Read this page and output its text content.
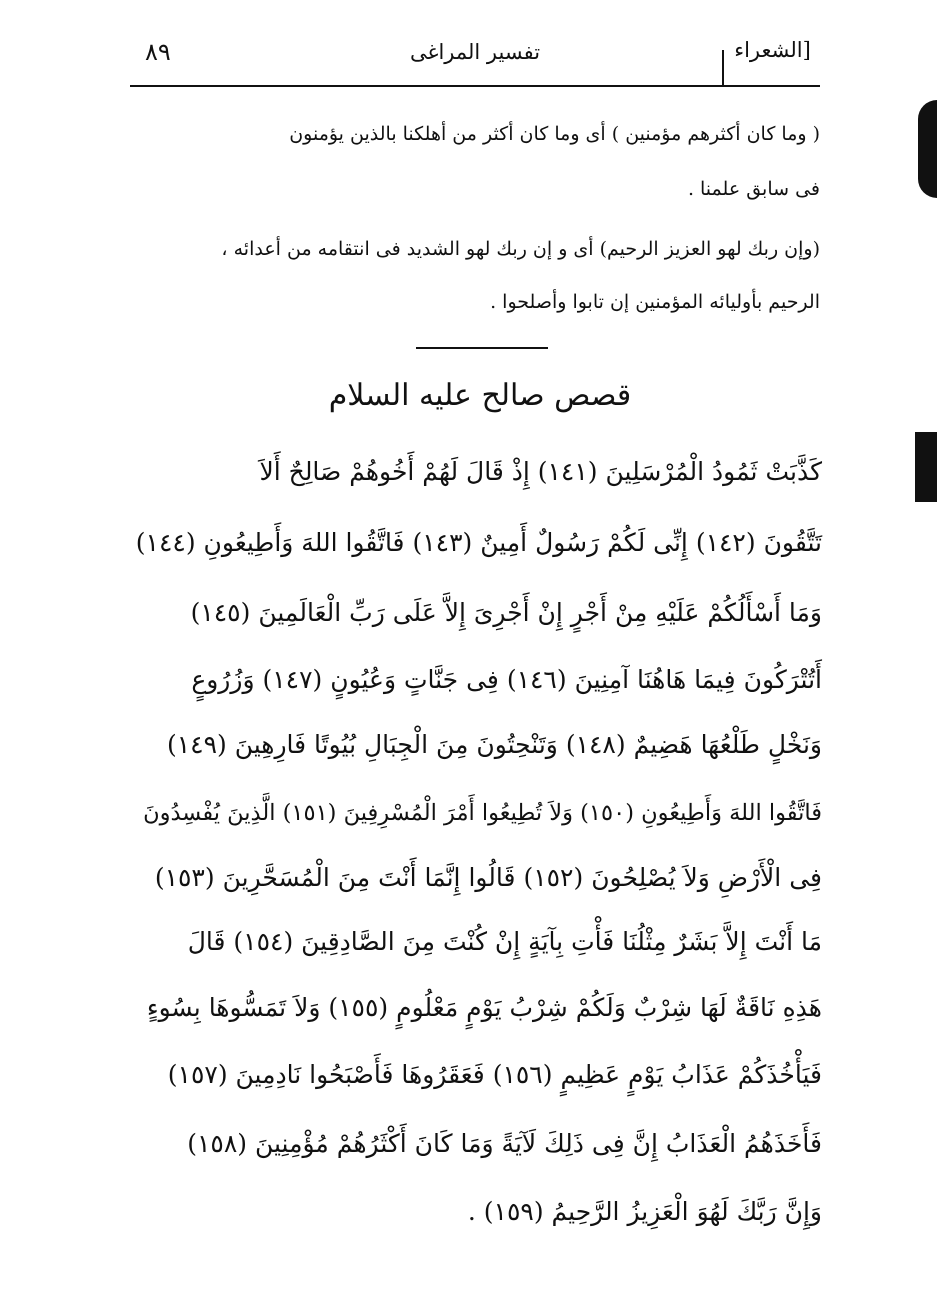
[الشعراء
تفسير المراغى
٨٩
( وما كان أكثرهم مؤمنين ) أى وما كان أكثر من أهلكنا بالذين يؤمنون
فى سابق علمنا .
(وإن ربك لهو العزيز الرحيم) أى و إن ربك لهو الشديد فى انتقامه من أعدائه ،
الرحيم بأوليائه المؤمنين إن تابوا وأصلحوا .
قصص صالح عليه السلام
كَذَّبَتْ ثَمُودُ الْمُرْسَلِينَ (١٤١) إِذْ قَالَ لَهُمْ أَخُوهُمْ صَالِحٌ أَلاَ
تَتَّقُونَ (١٤٢) إِنِّى لَكُمْ رَسُولٌ أَمِينٌ (١٤٣) فَاتَّقُوا اللهَ وَأَطِيعُونِ (١٤٤)
وَمَا أَسْأَلُكُمْ عَلَيْهِ مِنْ أَجْرٍ إِنْ أَجْرِىَ إِلاَّ عَلَى رَبِّ الْعَالَمِينَ (١٤٥)
أَتُتْرَكُونَ فِيمَا هَاهُنَا آمِنِينَ (١٤٦) فِى جَنَّاتٍ وَعُيُونٍ (١٤٧) وَزُرُوعٍ
وَنَخْلٍ طَلْعُهَا هَضِيمٌ (١٤٨) وَتَنْحِتُونَ مِنَ الْجِبَالِ بُيُوتًا فَارِهِينَ (١٤٩)
فَاتَّقُوا اللهَ وَأَطِيعُونِ (١٥٠) وَلاَ تُطِيعُوا أَمْرَ الْمُسْرِفِينَ (١٥١) الَّذِينَ يُفْسِدُونَ
فِى الْأَرْضِ وَلاَ يُصْلِحُونَ (١٥٢) قَالُوا إِنَّمَا أَنْتَ مِنَ الْمُسَحَّرِينَ (١٥٣)
مَا أَنْتَ إِلاَّ بَشَرٌ مِثْلُنَا فَأْتِ بِآيَةٍ إِنْ كُنْتَ مِنَ الصَّادِقِينَ (١٥٤) قَالَ
هَذِهِ نَاقَةٌ لَهَا شِرْبٌ وَلَكُمْ شِرْبُ يَوْمٍ مَعْلُومٍ (١٥٥) وَلاَ تَمَسُّوهَا بِسُوءٍ
فَيَأْخُذَكُمْ عَذَابُ يَوْمٍ عَظِيمٍ (١٥٦) فَعَقَرُوهَا فَأَصْبَحُوا نَادِمِينَ (١٥٧)
فَأَخَذَهُمُ الْعَذَابُ إِنَّ فِى ذَلِكَ لَآيَةً وَمَا كَانَ أَكْثَرُهُمْ مُؤْمِنِينَ (١٥٨)
وَإِنَّ رَبَّكَ لَهُوَ الْعَزِيزُ الرَّحِيمُ (١٥٩) .
